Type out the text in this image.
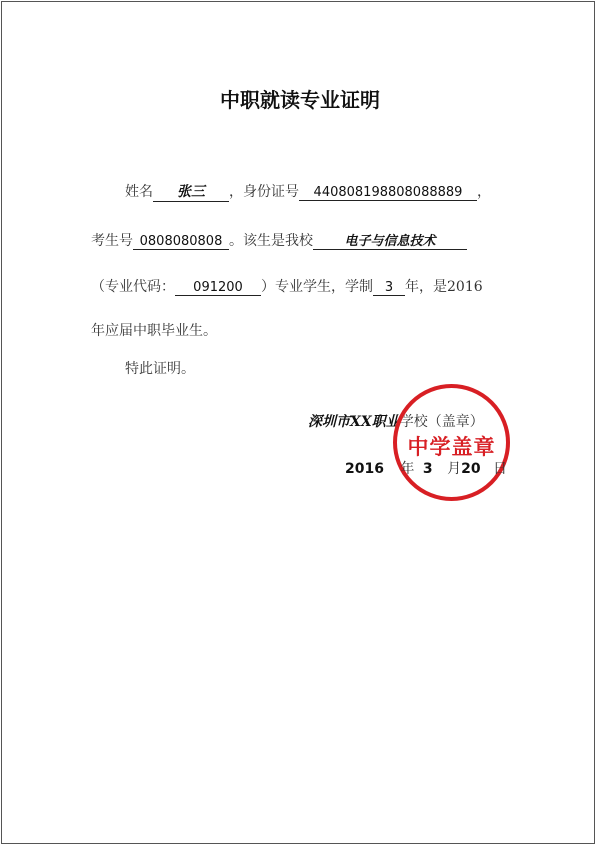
中职就读专业证明
姓名 张三 ，身份证号 440808198808088889 ，
考生号 0808080808 。该生是我校 电子与信息技术
（专业代码： 091200 ）专业学生，学制 3 年，是2016
年应届中职毕业生。
特此证明。
深圳市XX职业学校（盖章）
中学盖章
2016 年 3 月20 日
